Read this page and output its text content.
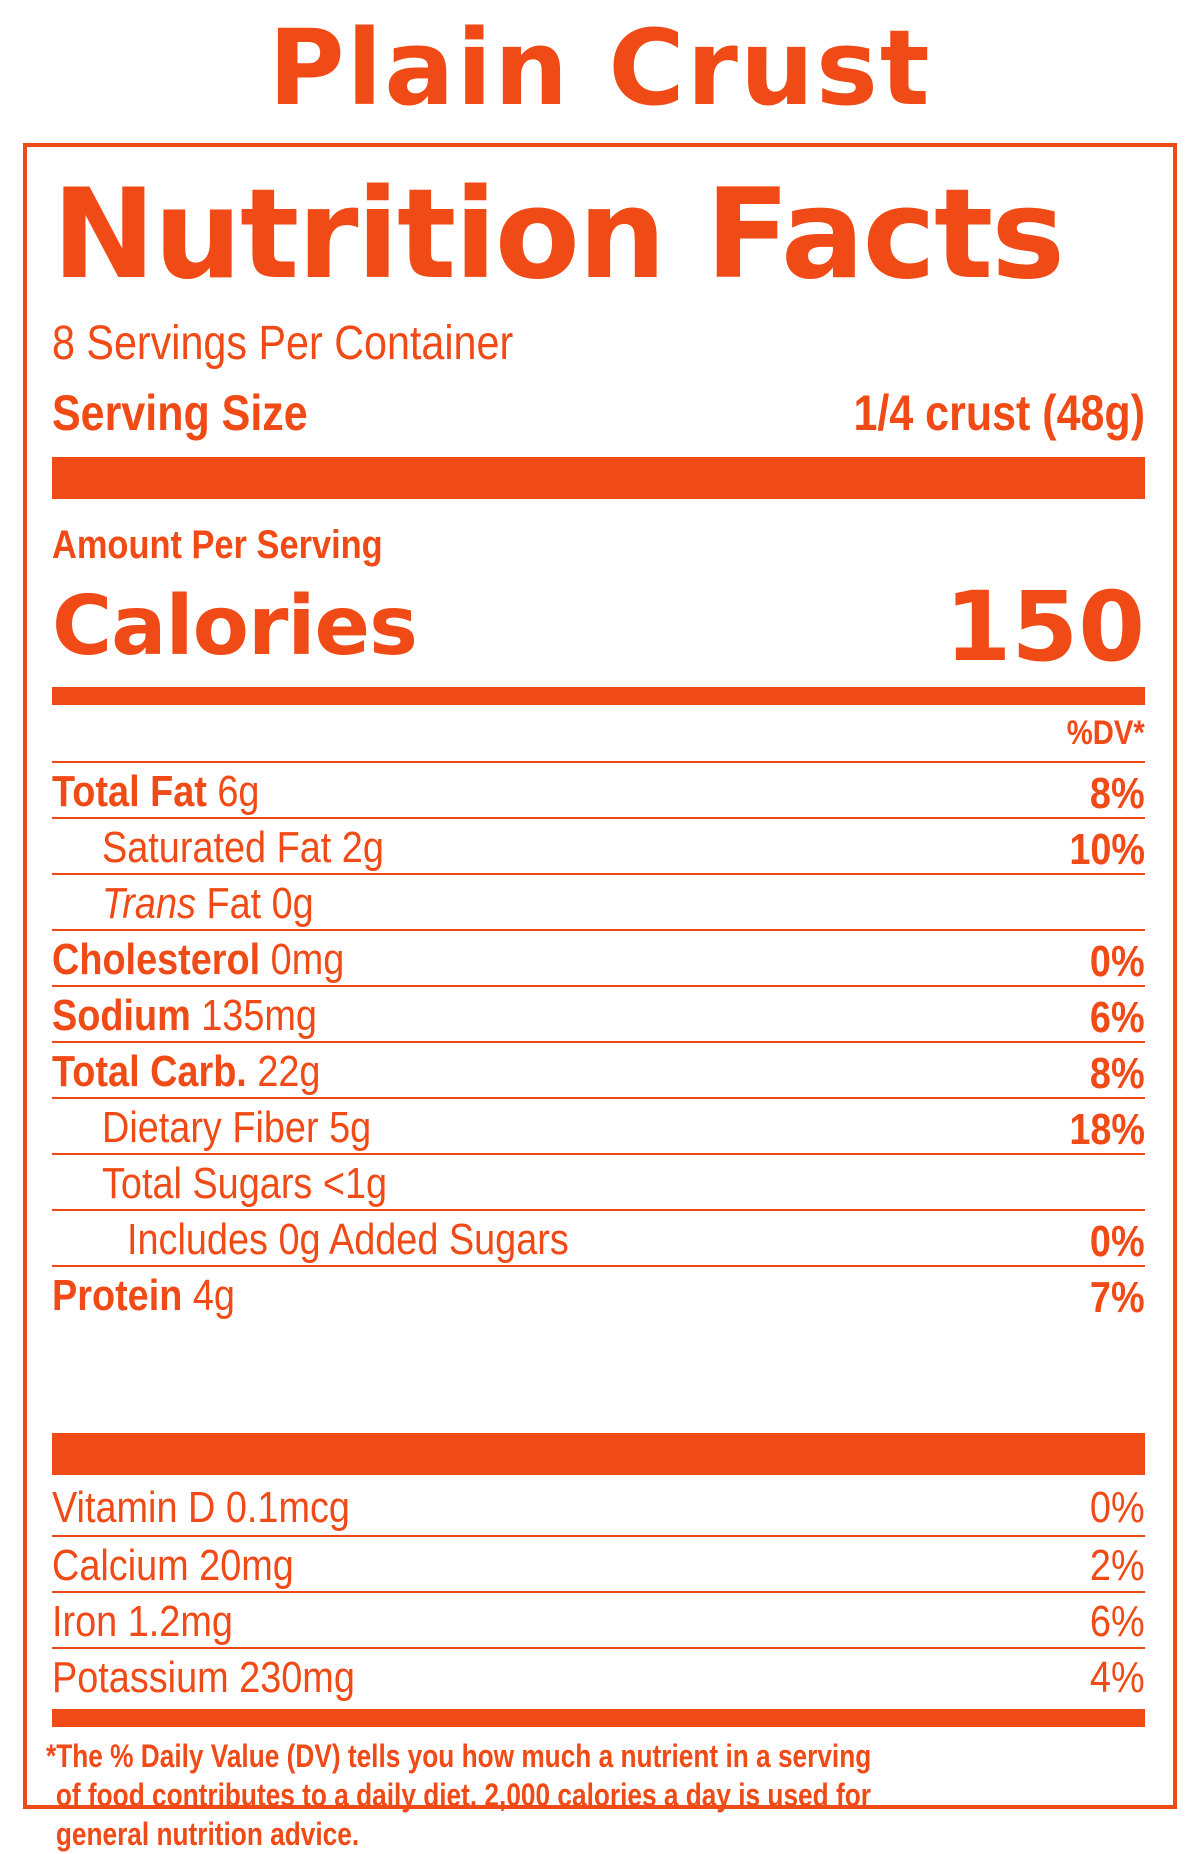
Plain Crust
Nutrition Facts
8 Servings Per Container
Serving Size	1/4 crust (48g)
Amount Per Serving
Calories	150
%DV*
Total Fat 6g	8%
Saturated Fat 2g	10%
Trans Fat 0g
Cholesterol 0mg	0%
Sodium 135mg	6%
Total Carb. 22g	8%
Dietary Fiber 5g	18%
Total Sugars <1g
Includes 0g Added Sugars	0%
Protein 4g	7%
Vitamin D 0.1mcg	0%
Calcium 20mg	2%
Iron 1.2mg	6%
Potassium 230mg	4%
*The % Daily Value (DV) tells you how much a nutrient in a serving
of food contributes to a daily diet. 2,000 calories a day is used for
general nutrition advice.
